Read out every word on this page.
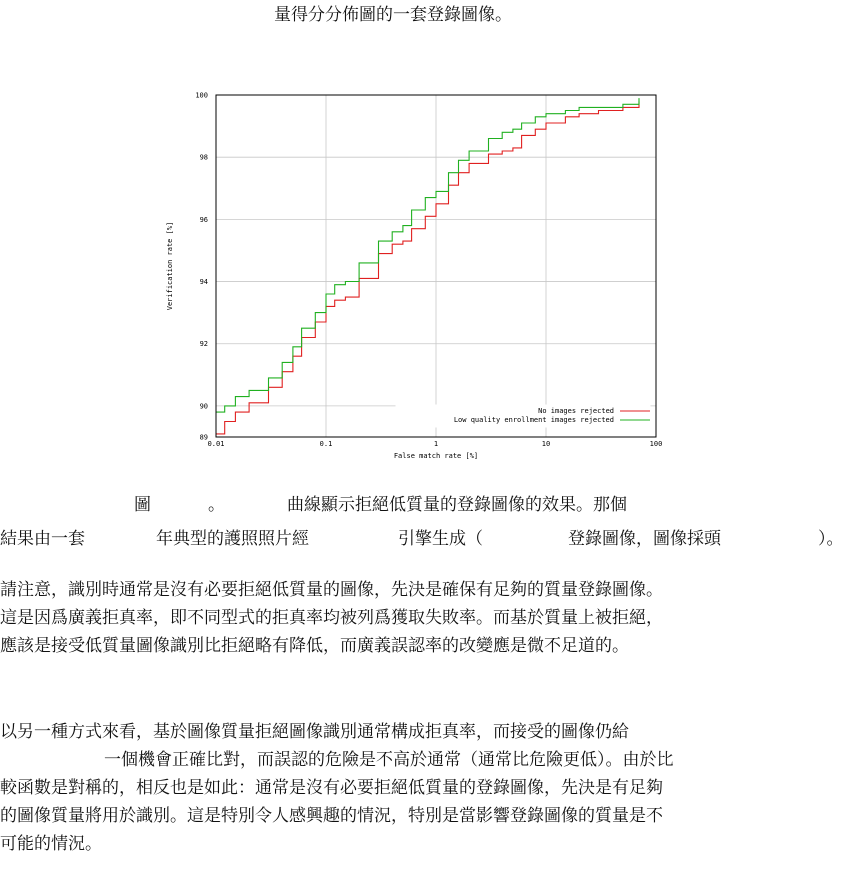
量得分分佈圖的一套登錄圖像。
0.01	0.1	1	10	100
100
98
96
94
92
90
89
False match rate [%]
Verification rate [%]
No images rejected
Low quality enrollment images rejected
圖	。	曲線顯示拒絕低質量的登錄圖像的效果。那個
結果由一套	年典型的護照照片經	引擎生成（	登錄圖像，圖像採頭	）。
請注意，識別時通常是沒有必要拒絕低質量的圖像，先決是確保有足夠的質量登錄圖像。
這是因爲廣義拒真率，即不同型式的拒真率均被列爲獲取失敗率。而基於質量上被拒絕，
應該是接受低質量圖像識別比拒絕略有降低，而廣義誤認率的改變應是微不足道的。
以另一種方式來看，基於圖像質量拒絕圖像識別通常構成拒真率，而接受的圖像仍給
一個機會正確比對，而誤認的危險是不高於通常（通常比危險更低）。由於比
較函數是對稱的，相反也是如此：通常是沒有必要拒絕低質量的登錄圖像，先決是有足夠
的圖像質量將用於識別。這是特別令人感興趣的情況，特別是當影響登錄圖像的質量是不
可能的情況。
